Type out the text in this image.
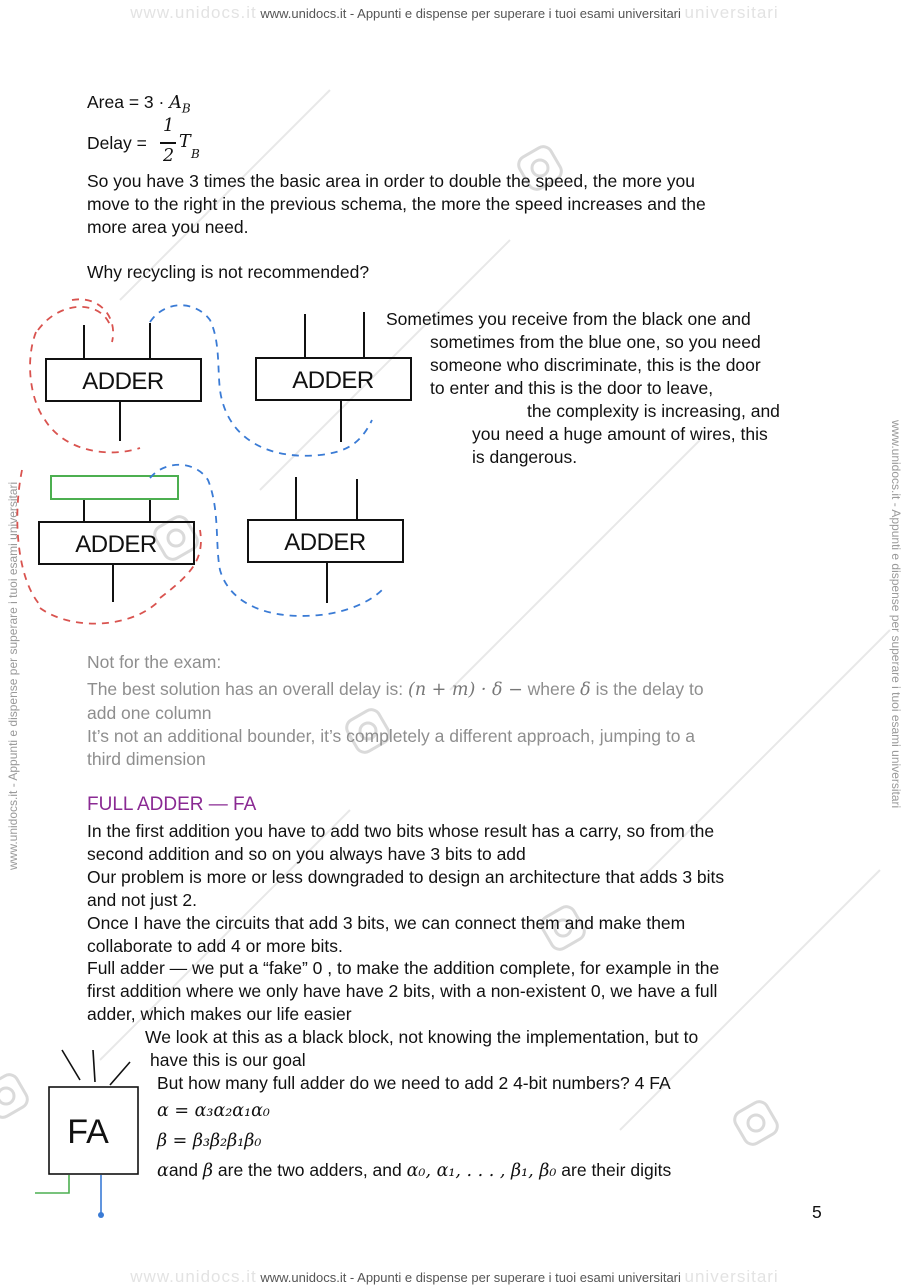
www.unidocs.it www.unidocs.it - Appunti e dispense per superare i tuoi esami universitari universitari
www.unidocs.it www.unidocs.it - Appunti e dispense per superare i tuoi esami universitari universitari
www.unidocs.it - Appunti e dispense per superare i tuoi esami universitari	www.unidocs.it - Appunti e dispense per superare i tuoi esami universitari
Area = $3 \cdot A_B$
Delay =
1
2
T
B
So you have 3 times the basic area in order to double the speed, the more you
move to the right in the previous schema, the more the speed increases and the
more area you need.
Why recycling is not recommended?
ADDER	ADDER
ADDER	ADDER
Sometimes you receive from the black one and
sometimes from the blue one, so you need
someone who discriminate, this is the door
to enter and this is the door to leave,
the complexity is increasing, and
you need a huge amount of wires, this
is dangerous.
Not for the exam:
The best solution has an overall delay is: (n + m) · δ − where δ is the delay to
add one column
It’s not an additional bounder, it’s completely a different approach, jumping to a
third dimension
FULL ADDER — FA
In the first addition you have to add two bits whose result has a carry, so from the
second addition and so on you always have 3 bits to add
Our problem is more or less downgraded to design an architecture that adds 3 bits
and not just 2.
Once I have the circuits that add 3 bits, we can connect them and make them
collaborate to add 4 or more bits.
Full adder — we put a “fake” 0 , to make the addition complete, for example in the
first addition where we only have have 2 bits, with a non-existent 0, we have a full
adder, which makes our life easier
FA
We look at this as a black block, not knowing the implementation, but to
have this is our goal
But how many full adder do we need to add 2 4-bit numbers? 4 FA
α = α₃α₂α₁α₀
β = β₃β₂β₁β₀
αand β are the two adders, and α₀, α₁, . . . , β₁, β₀ are their digits
5
